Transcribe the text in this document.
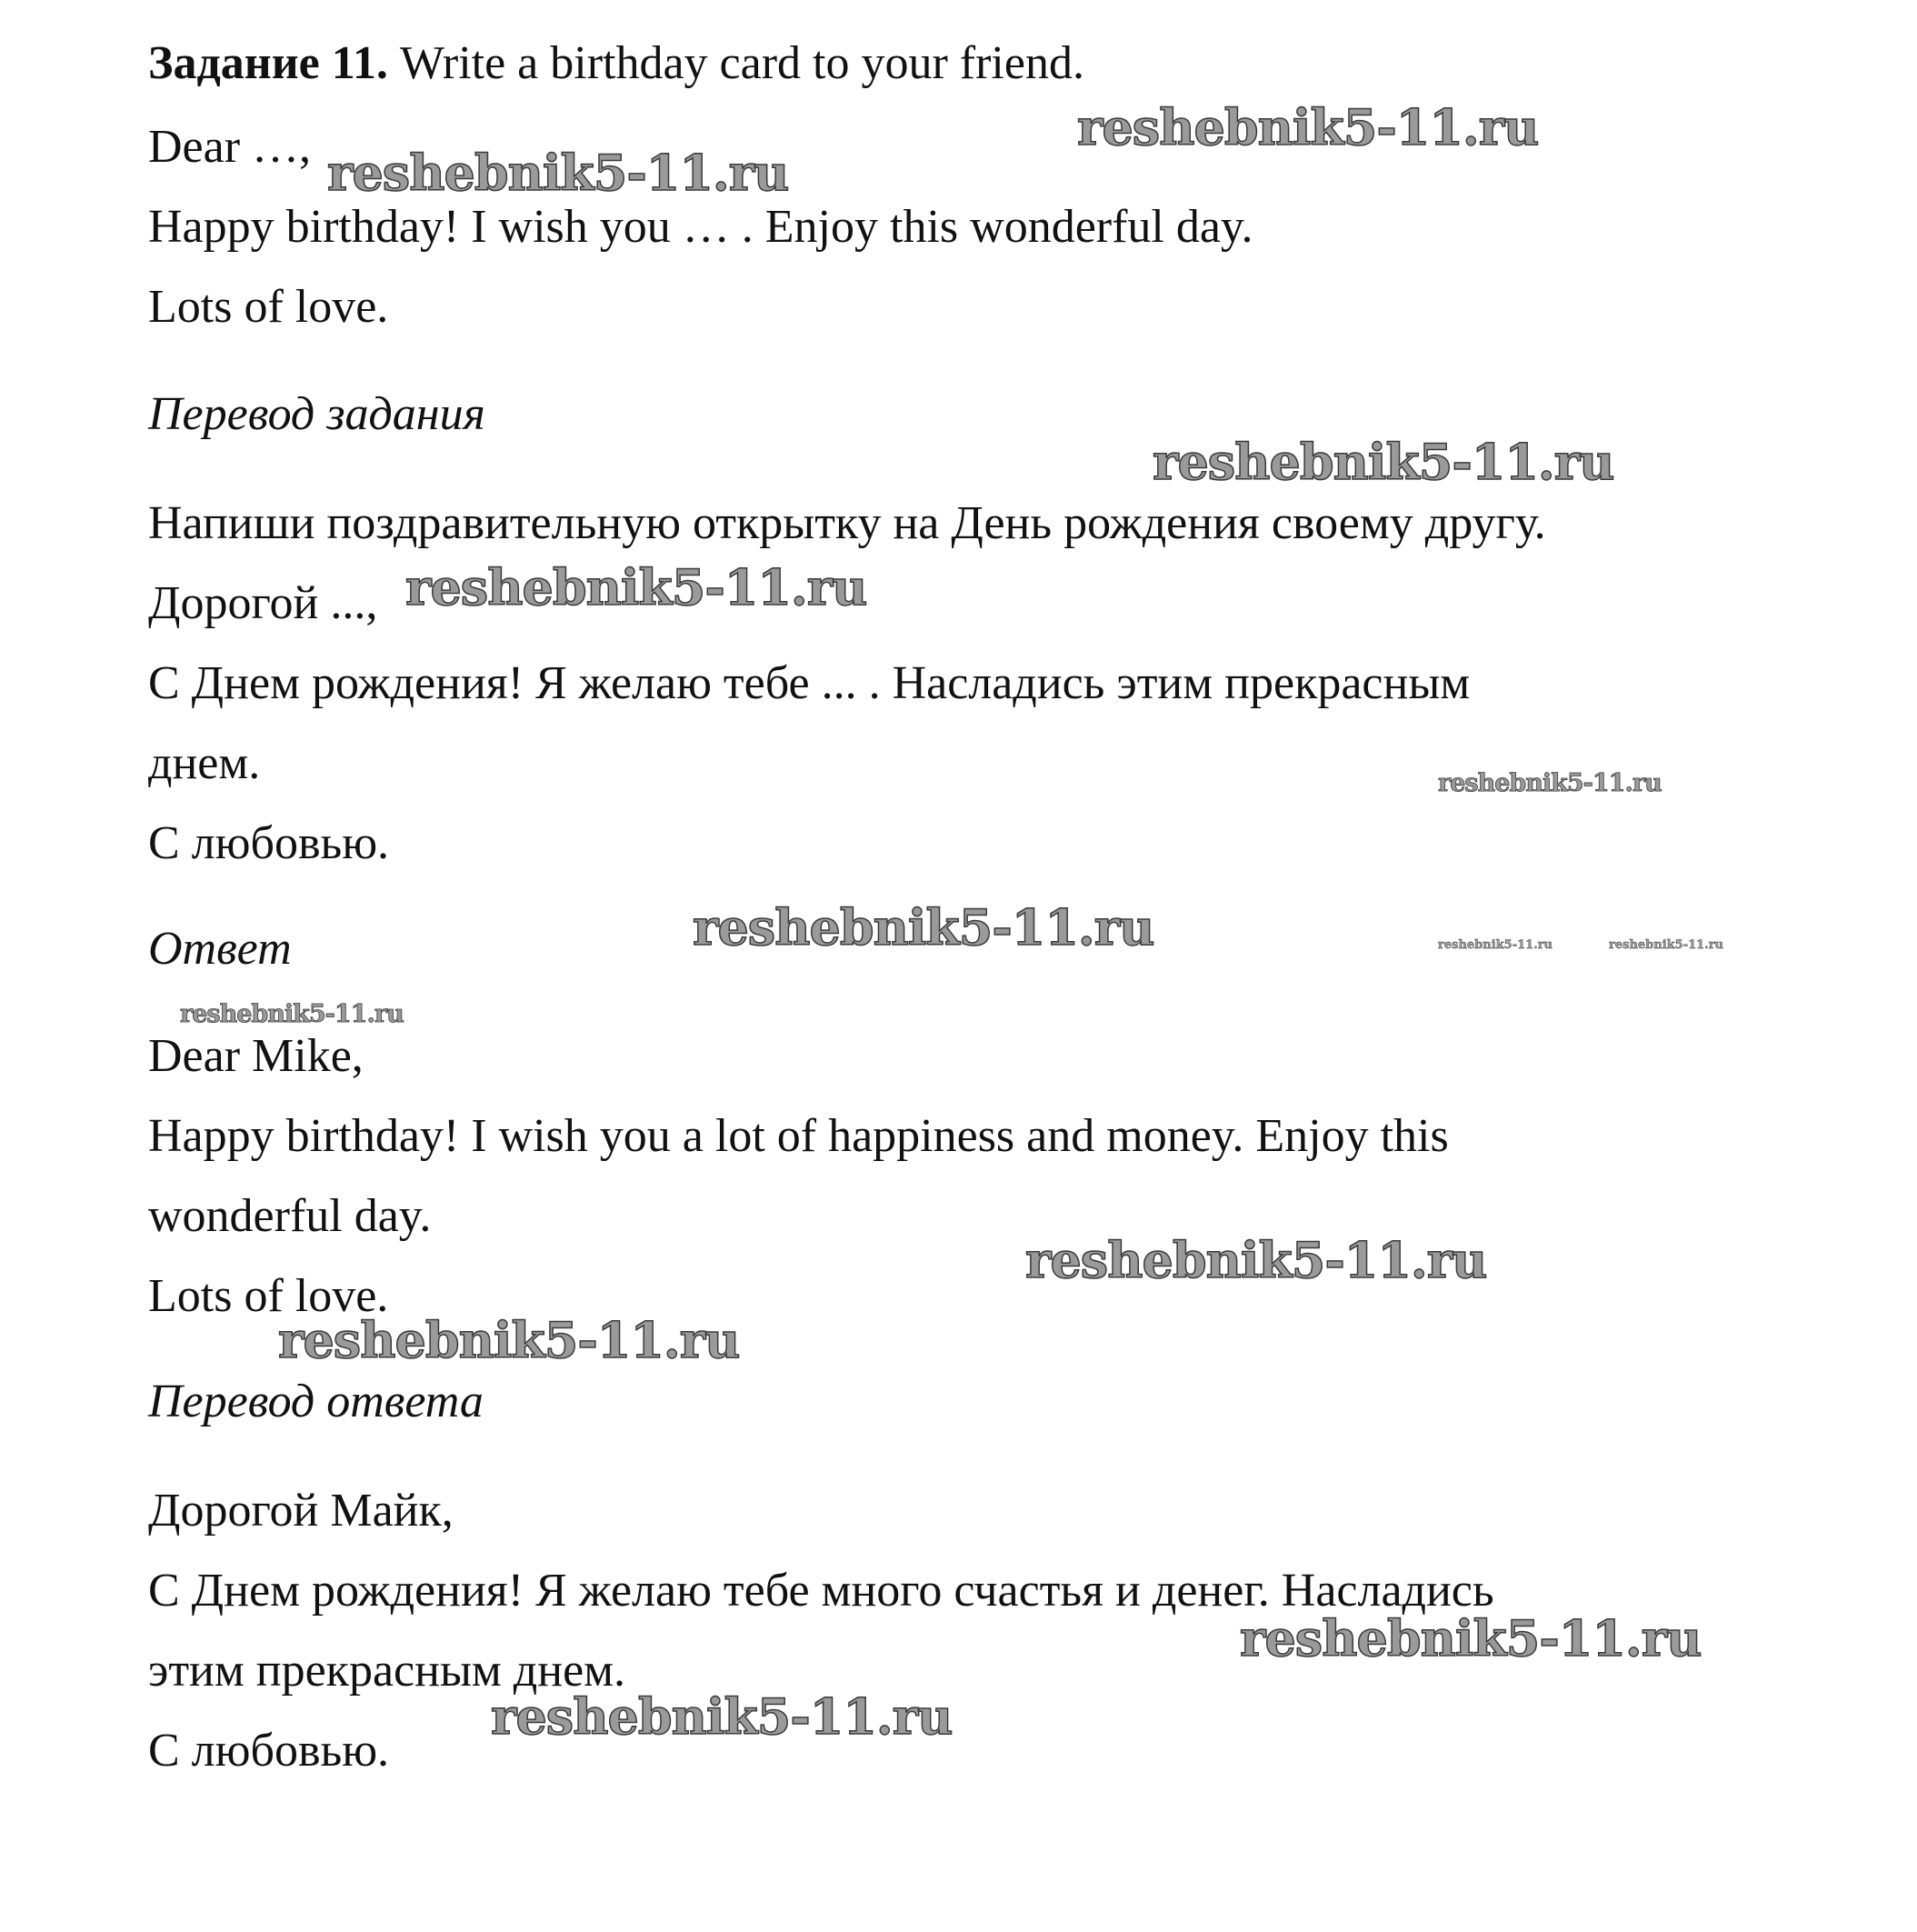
Задание 11. Write a birthday card to your friend.

Dear …,

Happy birthday! I wish you … . Enjoy this wonderful day.

Lots of love.

Перевод задания

Напиши поздравительную открытку на День рождения своему другу.

Дорогой ...,

С Днем рождения! Я желаю тебе ... . Насладись этим прекрасным

днем.

С любовью.

Ответ

Dear Mike,

Happy birthday! I wish you a lot of happiness and money. Enjoy this

wonderful day.

Lots of love.

Перевод ответа

Дорогой Майк,

С Днем рождения! Я желаю тебе много счастья и денег. Насладись

этим прекрасным днем.

С любовью.

reshebnik5-11.ru
reshebnik5-11.ru
reshebnik5-11.ru
reshebnik5-11.ru
reshebnik5-11.ru
reshebnik5-11.ru	reshebnik5-11.ru	reshebnik5-11.ru
reshebnik5-11.ru
reshebnik5-11.ru
reshebnik5-11.ru
reshebnik5-11.ru
reshebnik5-11.ru
